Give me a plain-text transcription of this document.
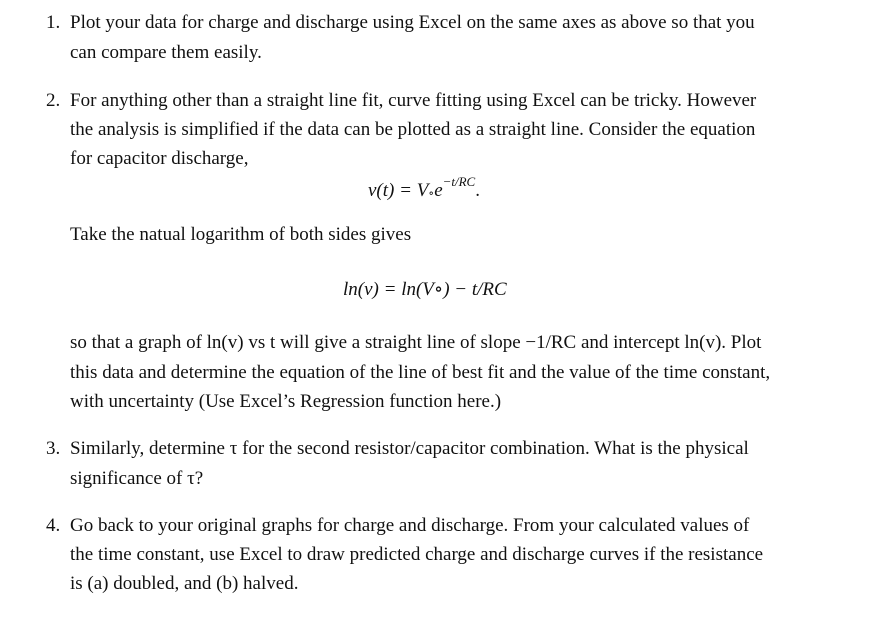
1. Plot your data for charge and discharge using Excel on the same axes as above so that you
can compare them easily.
2. For anything other than a straight line fit, curve fitting using Excel can be tricky. However
the analysis is simplified if the data can be plotted as a straight line. Consider the equation
for capacitor discharge,
$v(t) = V\circ e^{-t/RC}$.
Take the natual logarithm of both sides gives
ln(v) = ln(V∘) − t/RC
so that a graph of ln(v) vs t will give a straight line of slope −1/RC and intercept ln(v). Plot
this data and determine the equation of the line of best fit and the value of the time constant,
with uncertainty (Use Excel’s Regression function here.)
3. Similarly, determine τ for the second resistor/capacitor combination. What is the physical
significance of τ?
4. Go back to your original graphs for charge and discharge. From your calculated values of
the time constant, use Excel to draw predicted charge and discharge curves if the resistance
is (a) doubled, and (b) halved.
